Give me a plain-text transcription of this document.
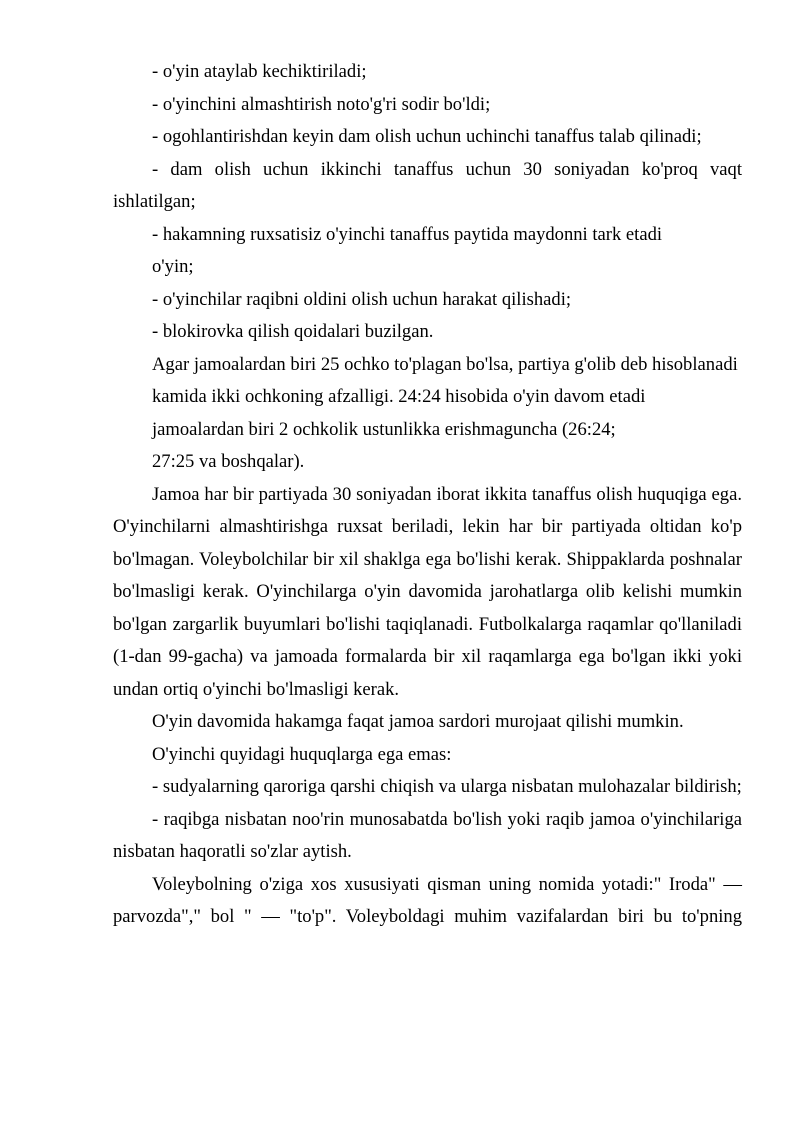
- o'yin ataylab kechiktiriladi;

- o'yinchini almashtirish noto'g'ri sodir bo'ldi;

- ogohlantirishdan keyin dam olish uchun uchinchi tanaffus talab qilinadi;

- dam olish uchun ikkinchi tanaffus uchun 30 soniyadan ko'proq vaqt ishlatilgan;

- hakamning ruxsatisiz o'yinchi tanaffus paytida maydonni tark etadi

o'yin;

- o'yinchilar raqibni oldini olish uchun harakat qilishadi;

- blokirovka qilish qoidalari buzilgan.

Agar jamoalardan biri 25 ochko to'plagan bo'lsa, partiya g'olib deb hisoblanadi

kamida ikki ochkoning afzalligi. 24:24 hisobida o'yin davom etadi

jamoalardan biri 2 ochkolik ustunlikka erishmaguncha (26:24;

27:25 va boshqalar).

Jamoa har bir partiyada 30 soniyadan iborat ikkita tanaffus olish huquqiga ega. O'yinchilarni almashtirishga ruxsat beriladi, lekin har bir partiyada oltidan ko'p bo'lmagan. Voleybolchilar bir xil shaklga ega bo'lishi kerak. Shippaklarda poshnalar bo'lmasligi kerak. O'yinchilarga o'yin davomida jarohatlarga olib kelishi mumkin bo'lgan zargarlik buyumlari bo'lishi taqiqlanadi. Futbolkalarga raqamlar qo'llaniladi (1-dan 99-gacha) va jamoada formalarda bir xil raqamlarga ega bo'lgan ikki yoki undan ortiq o'yinchi bo'lmasligi kerak.

O'yin davomida hakamga faqat jamoa sardori murojaat qilishi mumkin.

O'yinchi quyidagi huquqlarga ega emas:

- sudyalarning qaroriga qarshi chiqish va ularga nisbatan mulohazalar bildirish;

- raqibga nisbatan noo'rin munosabatda bo'lish yoki raqib jamoa o'yinchilariga nisbatan haqoratli so'zlar aytish.

Voleybolning o'ziga xos xususiyati qisman uning nomida yotadi:" Iroda" — parvozda"," bol " — "to'p". Voleyboldagi muhim vazifalardan biri bu to'pning
